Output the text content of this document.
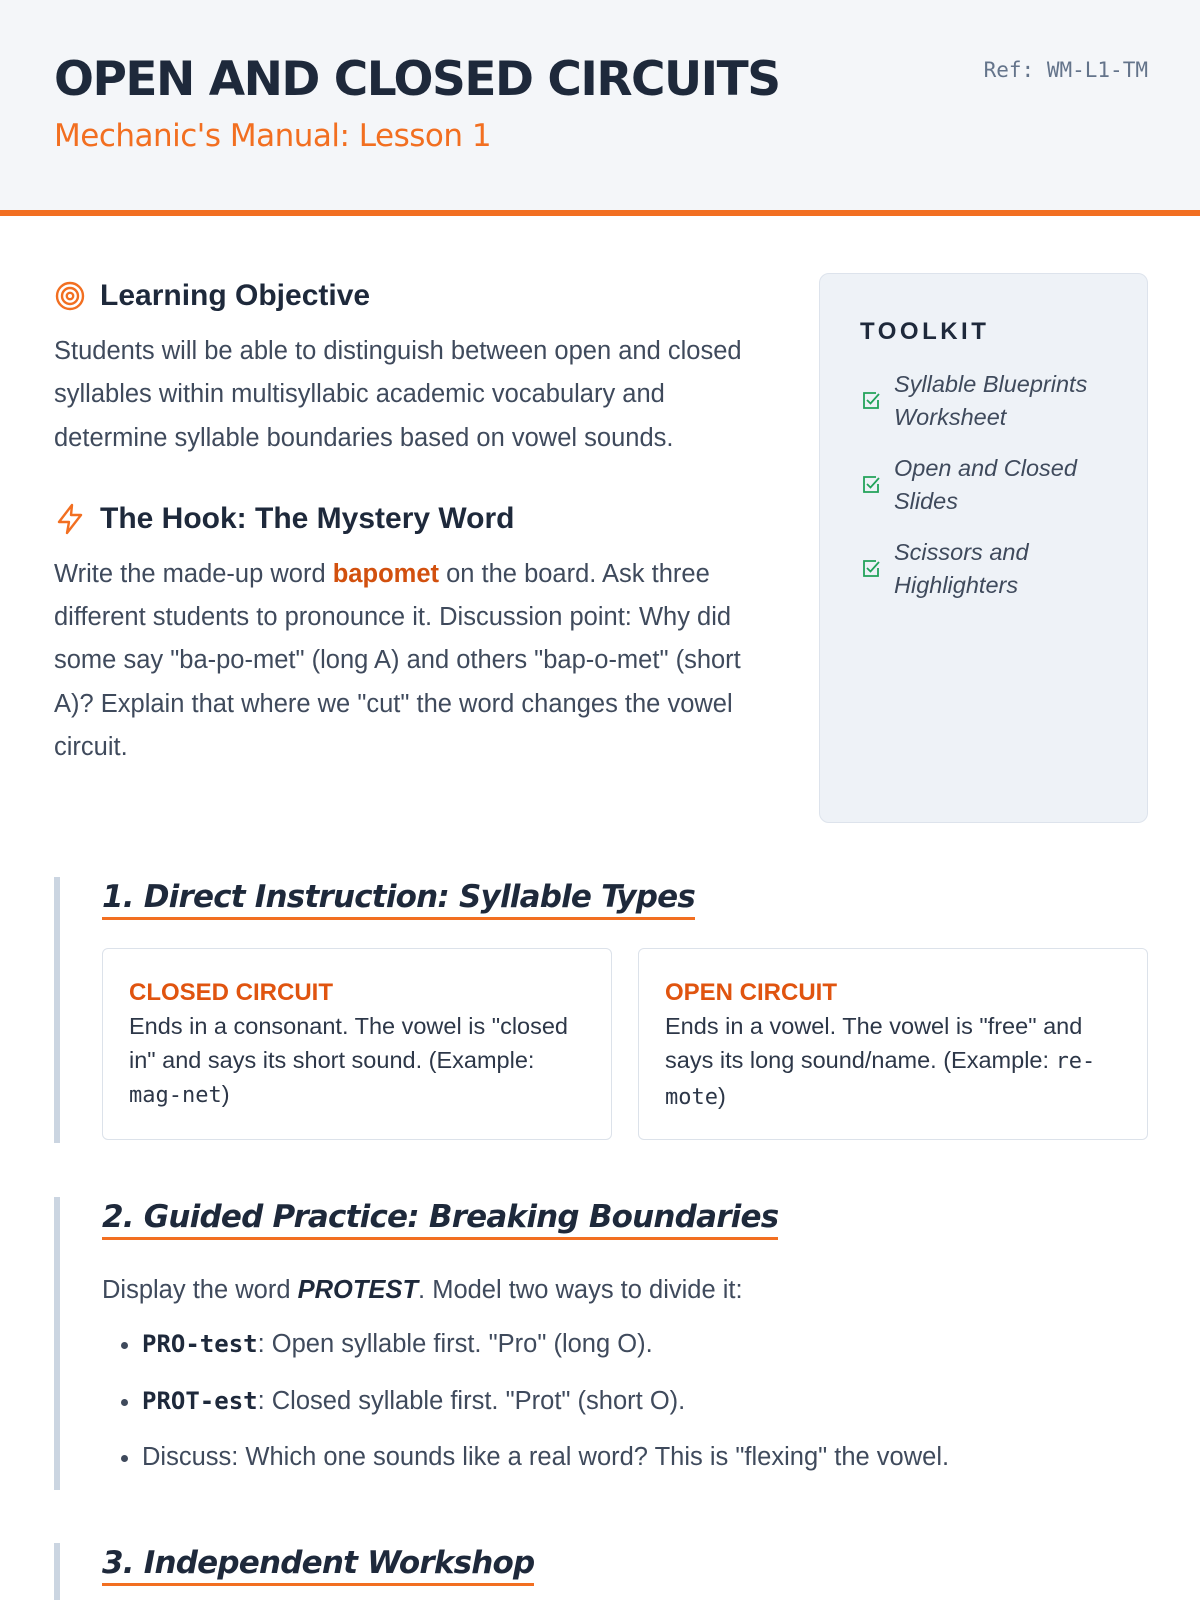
OPEN AND CLOSED CIRCUITS
Mechanic's Manual: Lesson 1
Ref: WM-L1-TM
Learning Objective

Students will be able to distinguish between open and closed syllables within multisyllabic academic vocabulary and determine syllable boundaries based on vowel sounds.

The Hook: The Mystery Word

Write the made-up word bapomet on the board. Ask three different students to pronounce it. Discussion point: Why did some say "ba-po-met" (long A) and others "bap-o-met" (short A)? Explain that where we "cut" the word changes the vowel circuit.

TOOLKIT
Syllable Blueprints Worksheet
Open and Closed Slides
Scissors and Highlighters
1. Direct Instruction: Syllable Types
CLOSED CIRCUIT
Ends in a consonant. The vowel is "closed in" and says its short sound. (Example: mag-net)
OPEN CIRCUIT
Ends in a vowel. The vowel is "free" and says its long sound/name. (Example: re-mote)
2. Guided Practice: Breaking Boundaries

Display the word PROTEST. Model two ways to divide it:

• PRO-test: Open syllable first. "Pro" (long O).
• PROT-est: Closed syllable first. "Prot" (short O).
• Discuss: Which one sounds like a real word? This is "flexing" the vowel.
3. Independent Workshop
